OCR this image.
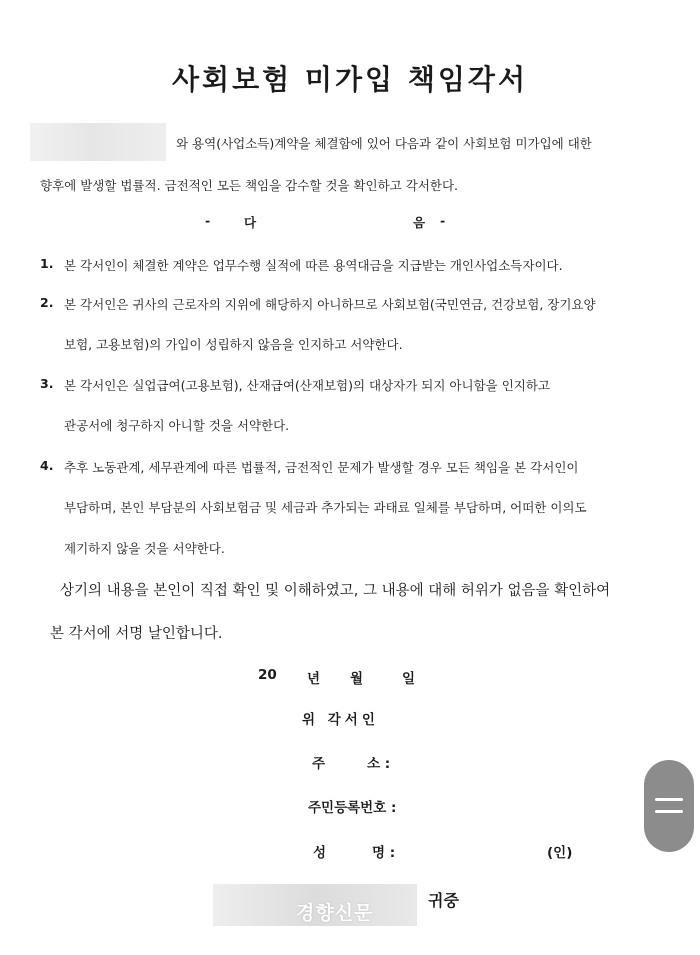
사회보험 미가입 책임각서
와 용역(사업소득)계약을 체결함에 있어 다음과 같이 사회보험 미가입에 대한
향후에 발생할 법률적. 금전적인 모든 책임을 감수할 것을 확인하고 각서한다.
-	다	음 -
1. 본 각서인이 체결한 계약은 업무수행 실적에 따른 용역대금을 지급받는 개인사업소득자이다.
2. 본 각서인은 귀사의 근로자의 지위에 해당하지 아니하므로 사회보험(국민연금, 건강보험, 장기요양
보험, 고용보험)의 가입이 성립하지 않음을 인지하고 서약한다.
3. 본 각서인은 실업급여(고용보험), 산재급여(산재보험)의 대상자가 되지 아니함을 인지하고
관공서에 청구하지 아니할 것을 서약한다.
4. 추후 노동관계, 세무관계에 따른 법률적, 금전적인 문제가 발생할 경우 모든 책임을 본 각서인이
부담하며, 본인 부담분의 사회보험금 및 세금과 추가되는 과태료 일체를 부담하며, 어떠한 이의도
제기하지 않을 것을 서약한다.
상기의 내용을 본인이 직접 확인 및 이해하였고, 그 내용에 대해 허위가 없음을 확인하여
본 각서에 서명 날인합니다.
20 년 월	일
위 각서인
주	소 :
주민등록번호 :
성	명 :	(인)
경향신문
귀중
